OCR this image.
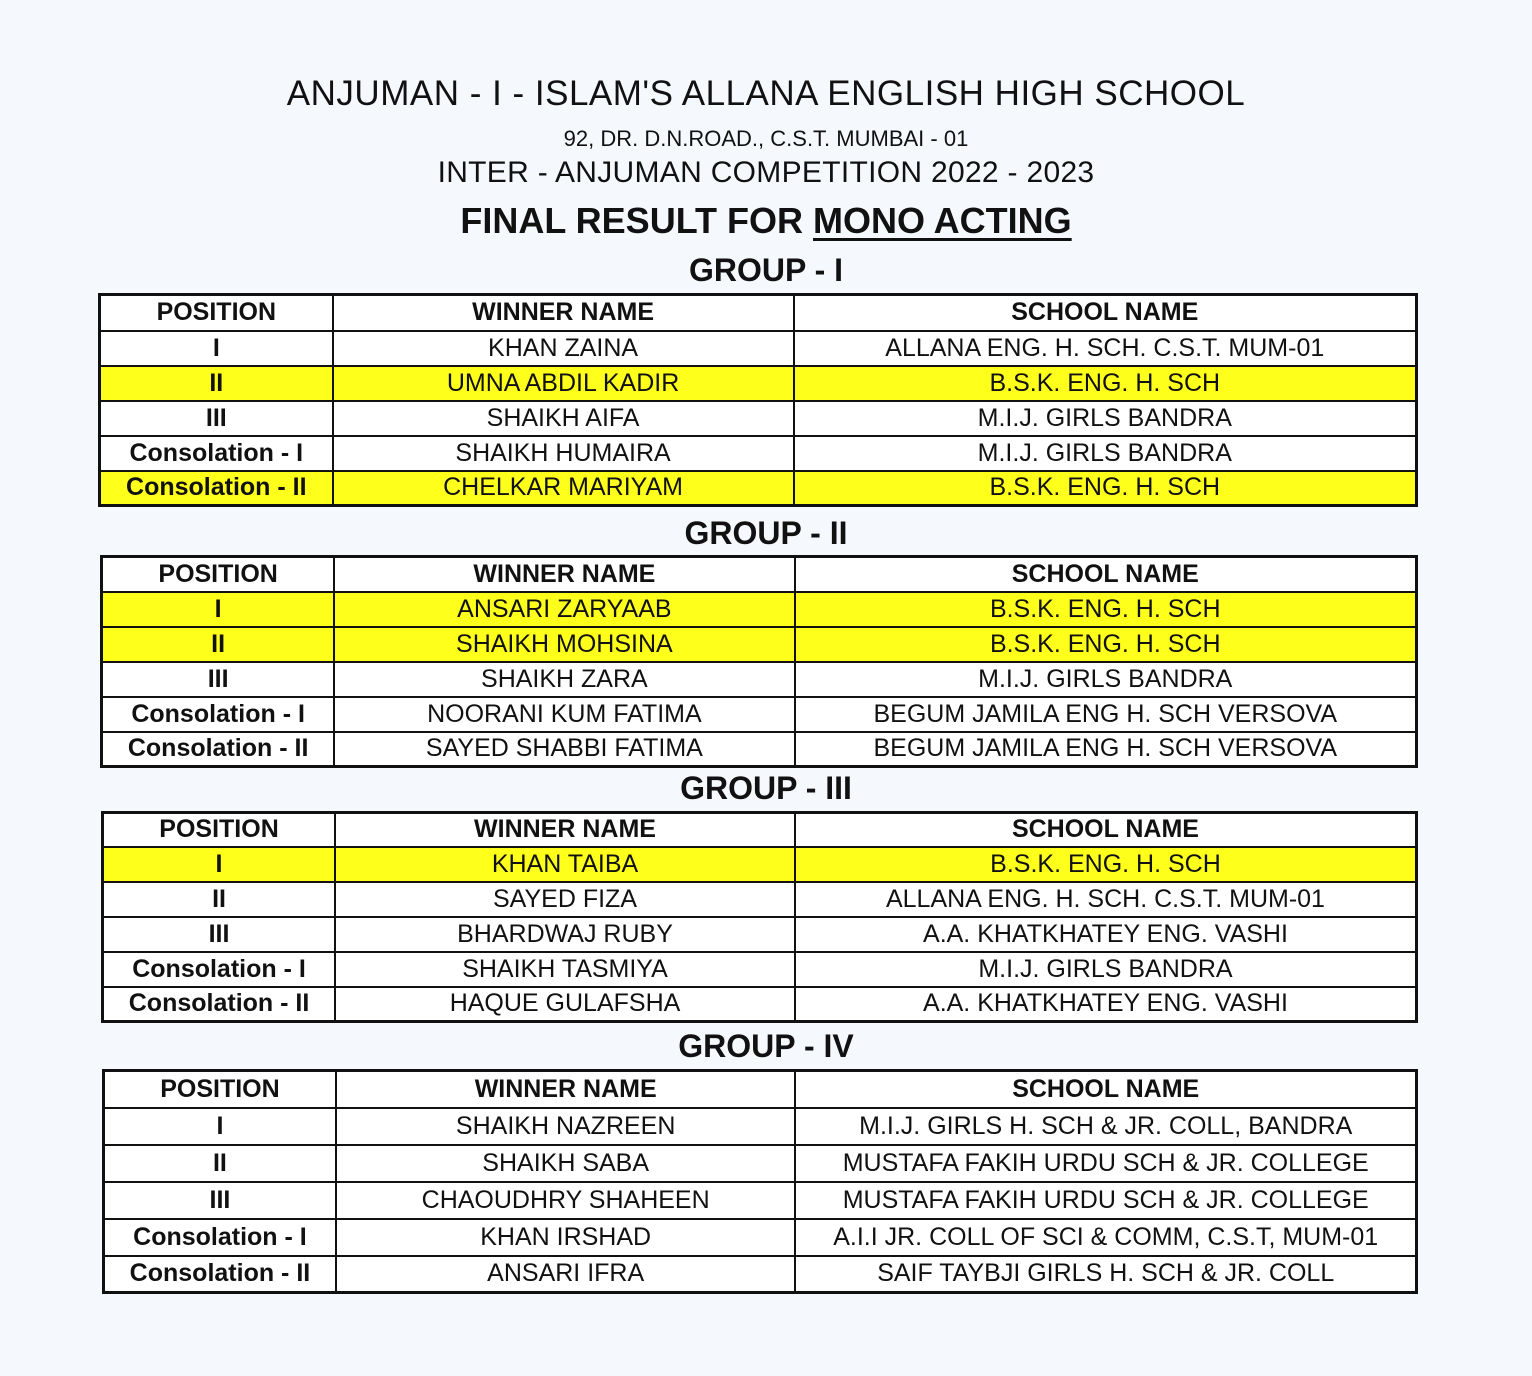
ANJUMAN - I - ISLAM'S ALLANA ENGLISH HIGH SCHOOL
92, DR. D.N.ROAD., C.S.T. MUMBAI - 01
INTER - ANJUMAN COMPETITION 2022 - 2023
FINAL RESULT FOR MONO ACTING
GROUP - I
POSITION	WINNER NAME	SCHOOL NAME
I	KHAN ZAINA	ALLANA ENG. H. SCH. C.S.T. MUM-01
II	UMNA ABDIL KADIR	B.S.K. ENG. H. SCH
III	SHAIKH AIFA	M.I.J. GIRLS BANDRA
Consolation - I	SHAIKH HUMAIRA	M.I.J. GIRLS BANDRA
Consolation - II	CHELKAR MARIYAM	B.S.K. ENG. H. SCH
GROUP - II
POSITION	WINNER NAME	SCHOOL NAME
I	ANSARI ZARYAAB	B.S.K. ENG. H. SCH
II	SHAIKH MOHSINA	B.S.K. ENG. H. SCH
III	SHAIKH ZARA	M.I.J. GIRLS BANDRA
Consolation - I	NOORANI KUM FATIMA	BEGUM JAMILA ENG H. SCH VERSOVA
Consolation - II	SAYED SHABBI FATIMA	BEGUM JAMILA ENG H. SCH VERSOVA
GROUP - III
POSITION	WINNER NAME	SCHOOL NAME
I	KHAN TAIBA	B.S.K. ENG. H. SCH
II	SAYED FIZA	ALLANA ENG. H. SCH. C.S.T. MUM-01
III	BHARDWAJ RUBY	A.A. KHATKHATEY ENG. VASHI
Consolation - I	SHAIKH TASMIYA	M.I.J. GIRLS BANDRA
Consolation - II	HAQUE GULAFSHA	A.A. KHATKHATEY ENG. VASHI
GROUP - IV
POSITION	WINNER NAME	SCHOOL NAME
I	SHAIKH NAZREEN	M.I.J. GIRLS H. SCH & JR. COLL, BANDRA
II	SHAIKH SABA	MUSTAFA FAKIH URDU SCH & JR. COLLEGE
III	CHAOUDHRY SHAHEEN	MUSTAFA FAKIH URDU SCH & JR. COLLEGE
Consolation - I	KHAN IRSHAD	A.I.I JR. COLL OF SCI & COMM, C.S.T, MUM-01
Consolation - II	ANSARI IFRA	SAIF TAYBJI GIRLS H. SCH & JR. COLL
